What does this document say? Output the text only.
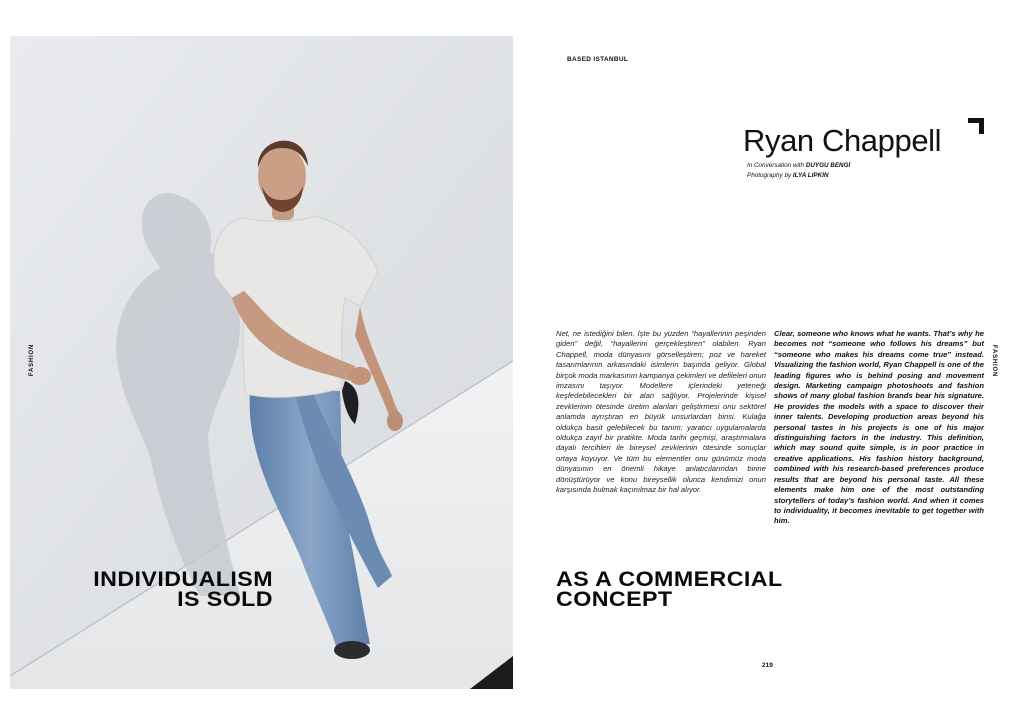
INDIVIDUALISM
IS SOLD
FASHION
BASED ISTANBUL
Ryan Chappell
In Conversation with DUYGU BENGİ
Photography by ILYA LIPKIN
FASHION
Net, ne istediğini bilen. İşte bu yüzden “hayallerinin peşinden giden” değil, “hayallerini gerçekleştiren” olabilen. Ryan Chappell, moda dünyasını görselleştiren; poz ve hareket tasarımlarının arkasındaki isimlerin başında geliyor. Global birçok moda markasının kampanya çekimleri ve defileleri onun imzasını taşıyor. Modellere içlerindeki yeteneği keşfedebilecekleri bir alan sağlıyor. Projelerinde kişisel zevklerinin ötesinde üretim alanları geliştirmesi onu sektörel anlamda ayrıştıran en büyük unsurlardan birisi. Kulağa oldukça basit gelebilecek bu tanım; yaratıcı uygulamalarda oldukça zayıf bir pratikte. Moda tarihi geçmişi, araştırmalara dayalı tercihleri ile bireysel zevklerinin ötesinde sonuçlar ortaya koyuyor. Ve tüm bu elementler onu günümüz moda dünyasının en önemli hikaye anlatıcılarından birine dönüştürüyor ve konu bireysellik olunca kendimizi onun karşısında bulmak kaçınılmaz bir hal alıyor.
Clear, someone who knows what he wants. That’s why he becomes not “someone who follows his dreams” but “someone who makes his dreams come true” instead. Visualizing the fashion world, Ryan Chappell is one of the leading figures who is behind posing and movement design. Marketing campaign photoshoots and fashion shows of many global fashion brands bear his signature. He provides the models with a space to discover their inner talents. Developing production areas beyond his personal tastes in his projects is one of his major distinguishing factors in the industry. This definition, which may sound quite simple, is in poor practice in creative applications. His fashion history background, combined with his research-based preferences produce results that are beyond his personal taste. All these elements make him one of the most outstanding storytellers of today’s fashion world. And when it comes to individuality, it becomes inevitable to get together with him.
AS A COMMERCIAL
CONCEPT
219
